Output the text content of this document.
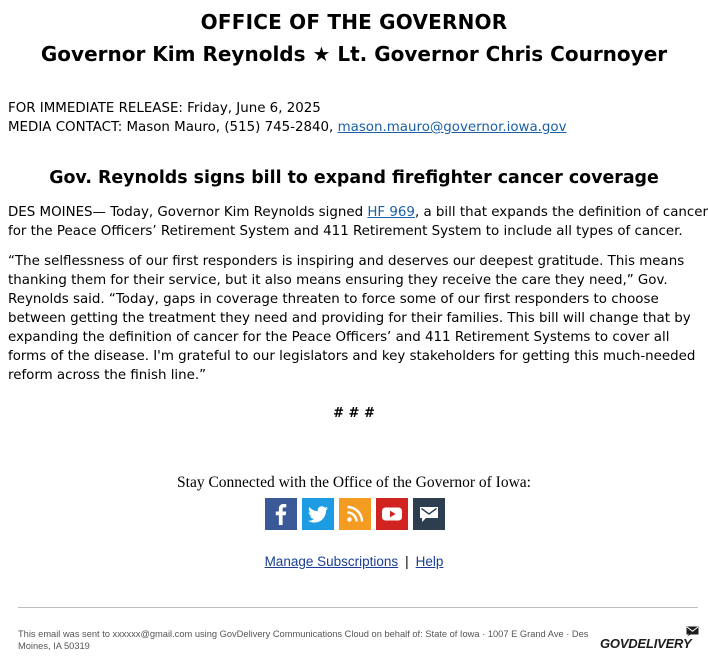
OFFICE OF THE GOVERNOR
Governor Kim Reynolds ★ Lt. Governor Chris Cournoyer
FOR IMMEDIATE RELEASE: Friday, June 6, 2025
MEDIA CONTACT: Mason Mauro, (515) 745-2840, mason.mauro@governor.iowa.gov
Gov. Reynolds signs bill to expand firefighter cancer coverage
DES MOINES— Today, Governor Kim Reynolds signed HF 969, a bill that expands the definition of cancer for the Peace Officers’ Retirement System and 411 Retirement System to include all types of cancer.
“The selflessness of our first responders is inspiring and deserves our deepest gratitude. This means thanking them for their service, but it also means ensuring they receive the care they need,” Gov. Reynolds said. “Today, gaps in coverage threaten to force some of our first responders to choose between getting the treatment they need and providing for their families. This bill will change that by expanding the definition of cancer for the Peace Officers’ and 411 Retirement Systems to cover all forms of the disease. I'm grateful to our legislators and key stakeholders for getting this much-needed reform across the finish line.”
# # #
Stay Connected with the Office of the Governor of Iowa:
Manage Subscriptions | Help
This email was sent to xxxxxx@gmail.com using GovDelivery Communications Cloud on behalf of: State of Iowa · 1007 E Grand Ave · Des Moines, IA 50319	GOVDELIVERY
